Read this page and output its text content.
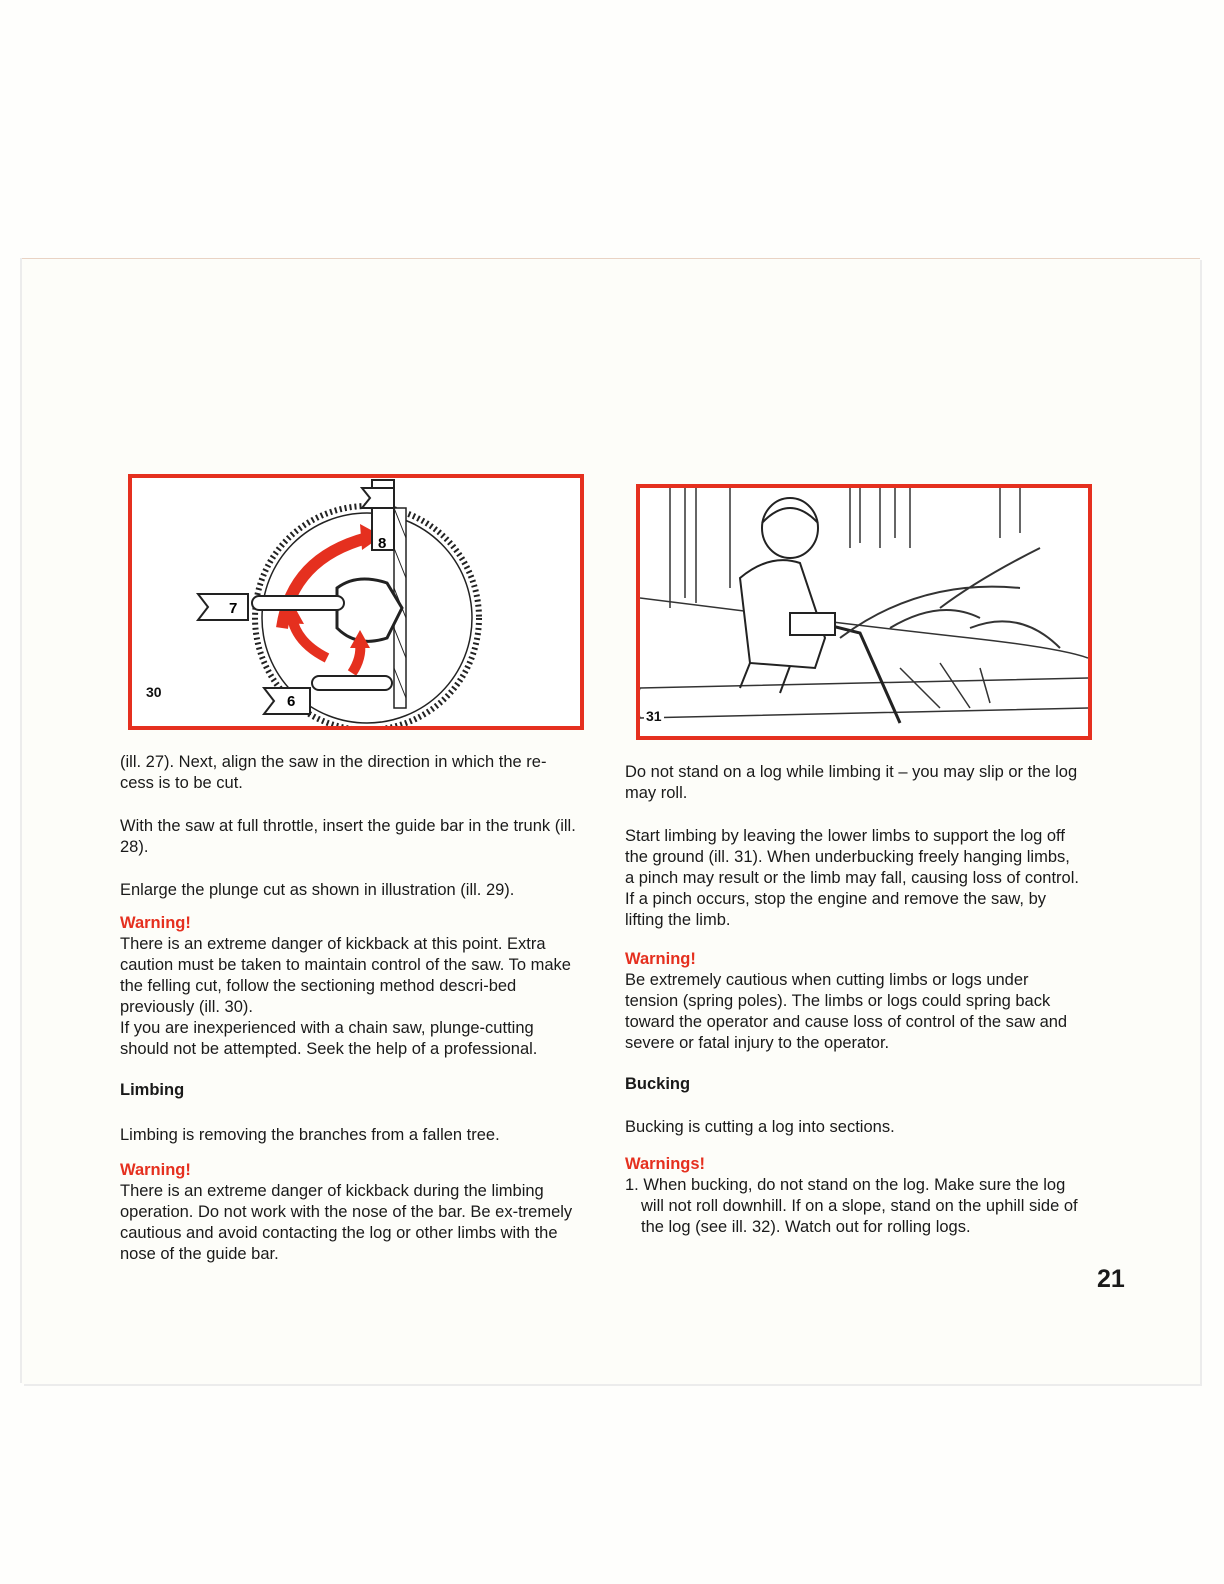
7
8
6
30
31

(ill. 27). Next, align the saw in the direction in which the re-cess is to be cut.

With the saw at full throttle, insert the guide bar in the trunk (ill. 28).

Enlarge the plunge cut as shown in illustration (ill. 29).

Warning!

There is an extreme danger of kickback at this point. Extra caution must be taken to maintain control of the saw. To make the felling cut, follow the sectioning method descri-bed previously (ill. 30).

If you are inexperienced with a chain saw, plunge-cutting should not be attempted. Seek the help of a professional.

Limbing

Limbing is removing the branches from a fallen tree.

Warning!

There is an extreme danger of kickback during the limbing operation. Do not work with the nose of the bar. Be ex-tremely cautious and avoid contacting the log or other limbs with the nose of the guide bar.

Do not stand on a log while limbing it – you may slip or the log may roll.

Start limbing by leaving the lower limbs to support the log off the ground (ill. 31). When underbucking freely hanging limbs, a pinch may result or the limb may fall, causing loss of control.

If a pinch occurs, stop the engine and remove the saw, by lifting the limb.

Warning!

Be extremely cautious when cutting limbs or logs under tension (spring poles). The limbs or logs could spring back toward the operator and cause loss of control of the saw and severe or fatal injury to the operator.

Bucking

Bucking is cutting a log into sections.

Warnings!

1. When bucking, do not stand on the log. Make sure the log will not roll downhill. If on a slope, stand on the uphill side of the log (see ill. 32). Watch out for rolling logs.

21
